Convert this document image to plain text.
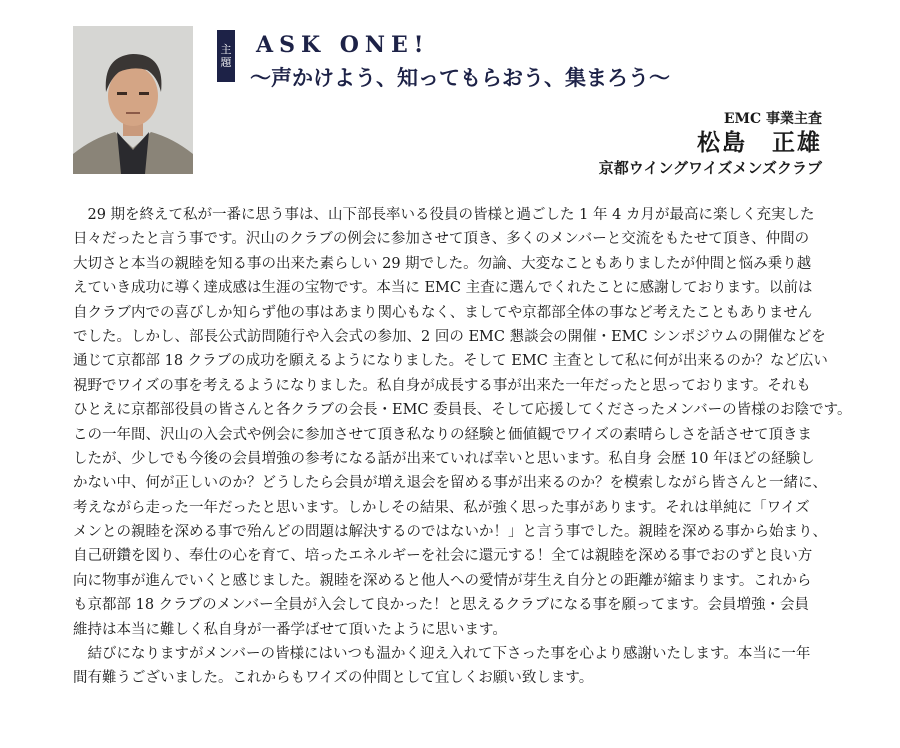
主
題
ASK ONE!
～声かけよう、知ってもらおう、集まろう～
EMC 事業主査
松島　正雄
京都ウイングワイズメンズクラブ
　29 期を終えて私が一番に思う事は、山下部長率いる役員の皆様と過ごした 1 年 4 カ月が最高に楽しく充実した
日々だったと言う事です。沢山のクラブの例会に参加させて頂き、多くのメンバーと交流をもたせて頂き、仲間の
大切さと本当の親睦を知る事の出来た素らしい 29 期でした。勿論、大変なこともありましたが仲間と悩み乗り越
えていき成功に導く達成感は生涯の宝物です。本当に EMC 主査に選んでくれたことに感謝しております。以前は
自クラブ内での喜びしか知らず他の事はあまり関心もなく、ましてや京都部全体の事など考えたこともありません
でした。しかし、部長公式訪問随行や入会式の参加、2 回の EMC 懇談会の開催・EMC シンポジウムの開催などを
通じて京都部 18 クラブの成功を願えるようになりました。そして EMC 主査として私に何が出来るのか？など広い
視野でワイズの事を考えるようになりました。私自身が成長する事が出来た一年だったと思っております。それも
ひとえに京都部役員の皆さんと各クラブの会長・EMC 委員長、そして応援してくださったメンバーの皆様のお陰です。
この一年間、沢山の入会式や例会に参加させて頂き私なりの経験と価値観でワイズの素晴らしさを話させて頂きま
したが、少しでも今後の会員増強の参考になる話が出来ていれば幸いと思います。私自身 会歴 10 年ほどの経験し
かない中、何が正しいのか？どうしたら会員が増え退会を留める事が出来るのか？を模索しながら皆さんと一緒に、
考えながら走った一年だったと思います。しかしその結果、私が強く思った事があります。それは単純に「ワイズ
メンとの親睦を深める事で殆んどの問題は解決するのではないか！」と言う事でした。親睦を深める事から始まり、
自己研鑽を図り、奉仕の心を育て、培ったエネルギーを社会に還元する！全ては親睦を深める事でおのずと良い方
向に物事が進んでいくと感じました。親睦を深めると他人への愛情が芽生え自分との距離が縮まります。これから
も京都部 18 クラブのメンバー全員が入会して良かった！と思えるクラブになる事を願ってます。会員増強・会員
維持は本当に難しく私自身が一番学ばせて頂いたように思います。
　結びになりますがメンバーの皆様にはいつも温かく迎え入れて下さった事を心より感謝いたします。本当に一年
間有難うございました。これからもワイズの仲間として宜しくお願い致します。
